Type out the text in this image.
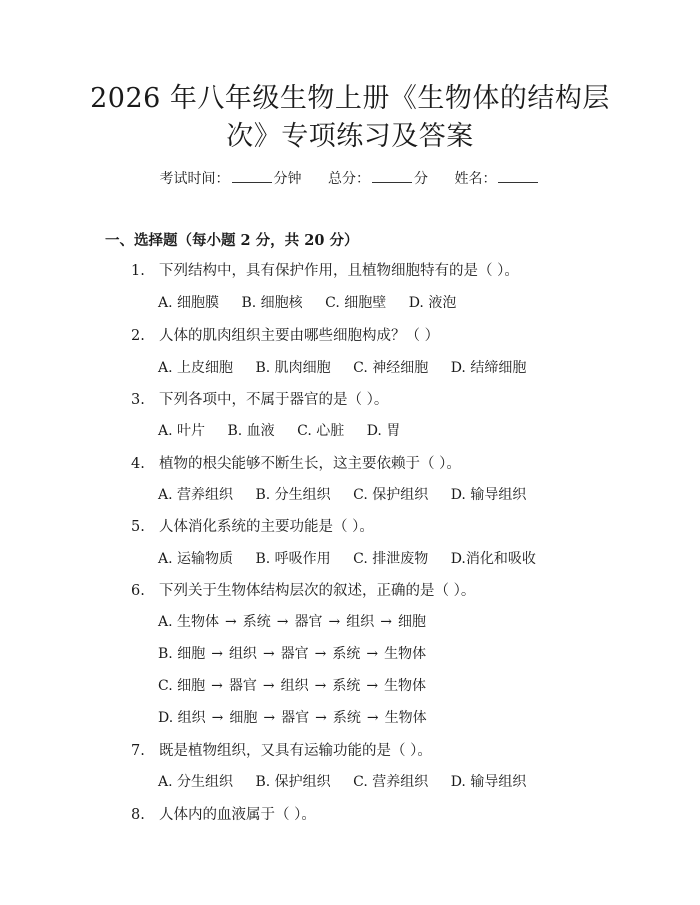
2026 年八年级生物上册《生物体的结构层
次》专项练习及答案
考试时间：	分钟 总分：	分 姓名：
一、选择题（每小题 2 分，共 20 分）
1. 下列结构中，具有保护作用，且植物细胞特有的是（ ）。
A. 细胞膜 B. 细胞核 C. 细胞壁 D. 液泡
2. 人体的肌肉组织主要由哪些细胞构成？（ ）
A. 上皮细胞 B. 肌肉细胞 C. 神经细胞 D. 结缔细胞
3. 下列各项中，不属于器官的是（ ）。
A. 叶片 B. 血液 C. 心脏 D. 胃
4. 植物的根尖能够不断生长，这主要依赖于（ ）。
A. 营养组织 B. 分生组织 C. 保护组织 D. 输导组织
5. 人体消化系统的主要功能是（ ）。
A. 运输物质 B. 呼吸作用 C. 排泄废物 D.消化和吸收
6. 下列关于生物体结构层次的叙述，正确的是（ ）。
A. 生物体 → 系统 → 器官 → 组织 → 细胞
B. 细胞 → 组织 → 器官 → 系统 → 生物体
C. 细胞 → 器官 → 组织 → 系统 → 生物体
D. 组织 → 细胞 → 器官 → 系统 → 生物体
7. 既是植物组织，又具有运输功能的是（ ）。
A. 分生组织 B. 保护组织 C. 营养组织 D. 输导组织
8. 人体内的血液属于（ ）。
